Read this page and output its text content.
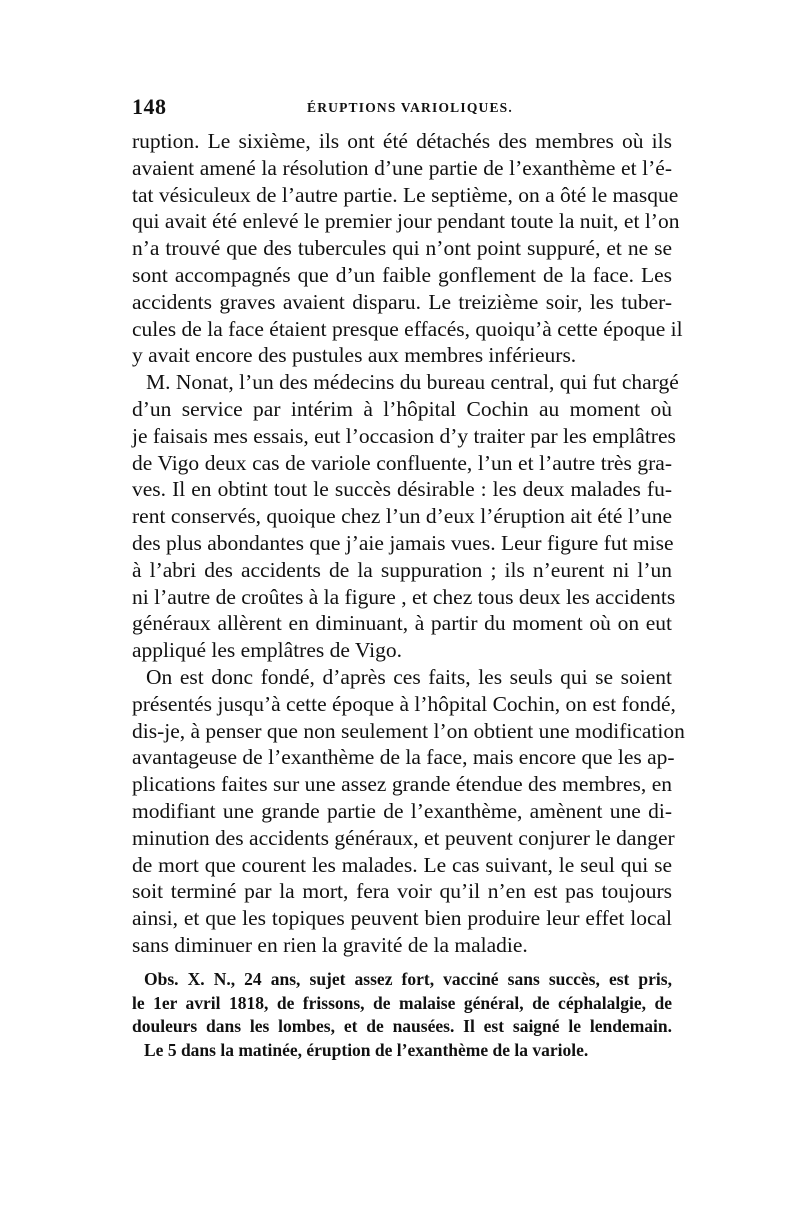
148	ÉRUPTIONS VARIOLIQUES.
ruption. Le sixième, ils ont été détachés des membres où ils
avaient amené la résolution d’une partie de l’exanthème et l’é-
tat vésiculeux de l’autre partie. Le septième, on a ôté le masque
qui avait été enlevé le premier jour pendant toute la nuit, et l’on
n’a trouvé que des tubercules qui n’ont point suppuré, et ne se
sont accompagnés que d’un faible gonflement de la face. Les
accidents graves avaient disparu. Le treizième soir, les tuber-
cules de la face étaient presque effacés, quoiqu’à cette époque il
y avait encore des pustules aux membres inférieurs.
M. Nonat, l’un des médecins du bureau central, qui fut chargé
d’un service par intérim à l’hôpital Cochin au moment où
je faisais mes essais, eut l’occasion d’y traiter par les emplâtres
de Vigo deux cas de variole confluente, l’un et l’autre très gra-
ves. Il en obtint tout le succès désirable : les deux malades fu-
rent conservés, quoique chez l’un d’eux l’éruption ait été l’une
des plus abondantes que j’aie jamais vues. Leur figure fut mise
à l’abri des accidents de la suppuration ; ils n’eurent ni l’un
ni l’autre de croûtes à la figure , et chez tous deux les accidents
généraux allèrent en diminuant, à partir du moment où on eut
appliqué les emplâtres de Vigo.
On est donc fondé, d’après ces faits, les seuls qui se soient
présentés jusqu’à cette époque à l’hôpital Cochin, on est fondé,
dis-je, à penser que non seulement l’on obtient une modification
avantageuse de l’exanthème de la face, mais encore que les ap-
plications faites sur une assez grande étendue des membres, en
modifiant une grande partie de l’exanthème, amènent une di-
minution des accidents généraux, et peuvent conjurer le danger
de mort que courent les malades. Le cas suivant, le seul qui se
soit terminé par la mort, fera voir qu’il n’en est pas toujours
ainsi, et que les topiques peuvent bien produire leur effet local
sans diminuer en rien la gravité de la maladie.
Obs. X. N., 24 ans, sujet assez fort, vacciné sans succès, est pris,
le 1er avril 1818, de frissons, de malaise général, de céphalalgie, de
douleurs dans les lombes, et de nausées. Il est saigné le lendemain.
Le 5 dans la matinée, éruption de l’exanthème de la variole.
